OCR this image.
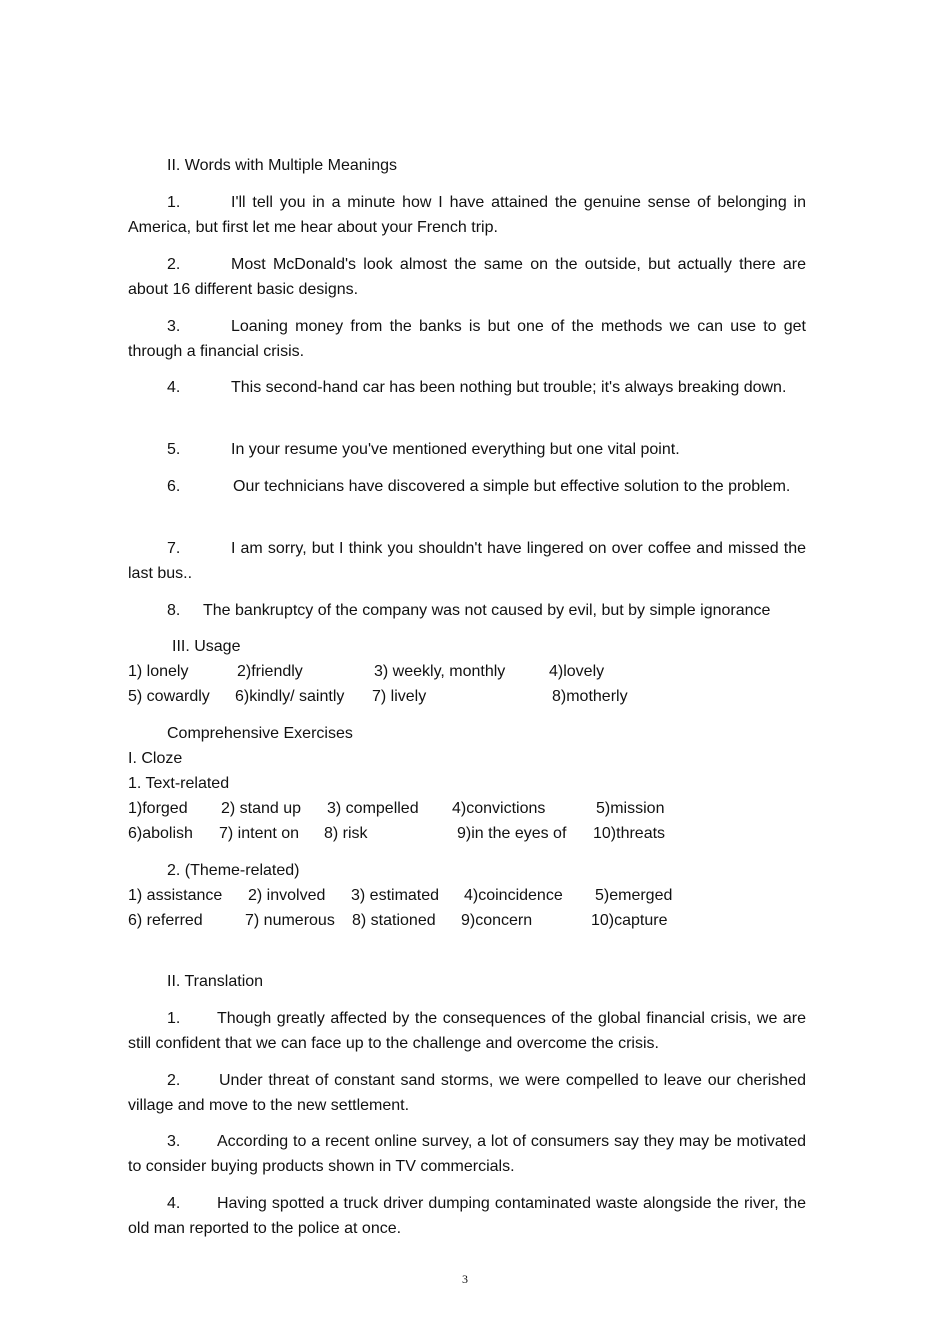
II. Words with Multiple Meanings
1.	I'll tell you in a minute how I have attained the genuine sense of belonging in America, but first let me hear about your French trip.
2.	Most McDonald's look almost the same on the outside, but actually there are about 16 different basic designs.
3.	Loaning money from the banks is but one of the methods we can use to get through a financial crisis.
4.	This second-hand car has been nothing but trouble; it's always breaking down.
5.	In your resume you've mentioned everything but one vital point.
6.	Our technicians have discovered a simple but effective solution to the problem.
7.	I am sorry, but I think you shouldn't have lingered on over coffee and missed the last bus..
8. The bankruptcy of the company was not caused by evil, but by simple ignorance
III. Usage
1) lonely	2)friendly	3) weekly, monthly	4)lovely
5) cowardly 6)kindly/ saintly 7) lively	8)motherly
Comprehensive Exercises
I. Cloze
1. Text-related
1)forged 2) stand up 3) compelled 4)convictions	5)mission
6)abolish 7) intent on 8) risk	9)in the eyes of 10)threats
2. (Theme-related)
1) assistance 2) involved 3) estimated 4)coincidence 5)emerged
6) referred	7) numerous 8) stationed 9)concern	10)capture
II. Translation
1. Though greatly affected by the consequences of the global financial crisis, we are still confident that we can face up to the challenge and overcome the crisis.
2. Under threat of constant sand storms, we were compelled to leave our cherished village and move to the new settlement.
3. According to a recent online survey, a lot of consumers say they may be motivated to consider buying products shown in TV commercials.
4. Having spotted a truck driver dumping contaminated waste alongside the river, the old man reported to the police at once.
3
